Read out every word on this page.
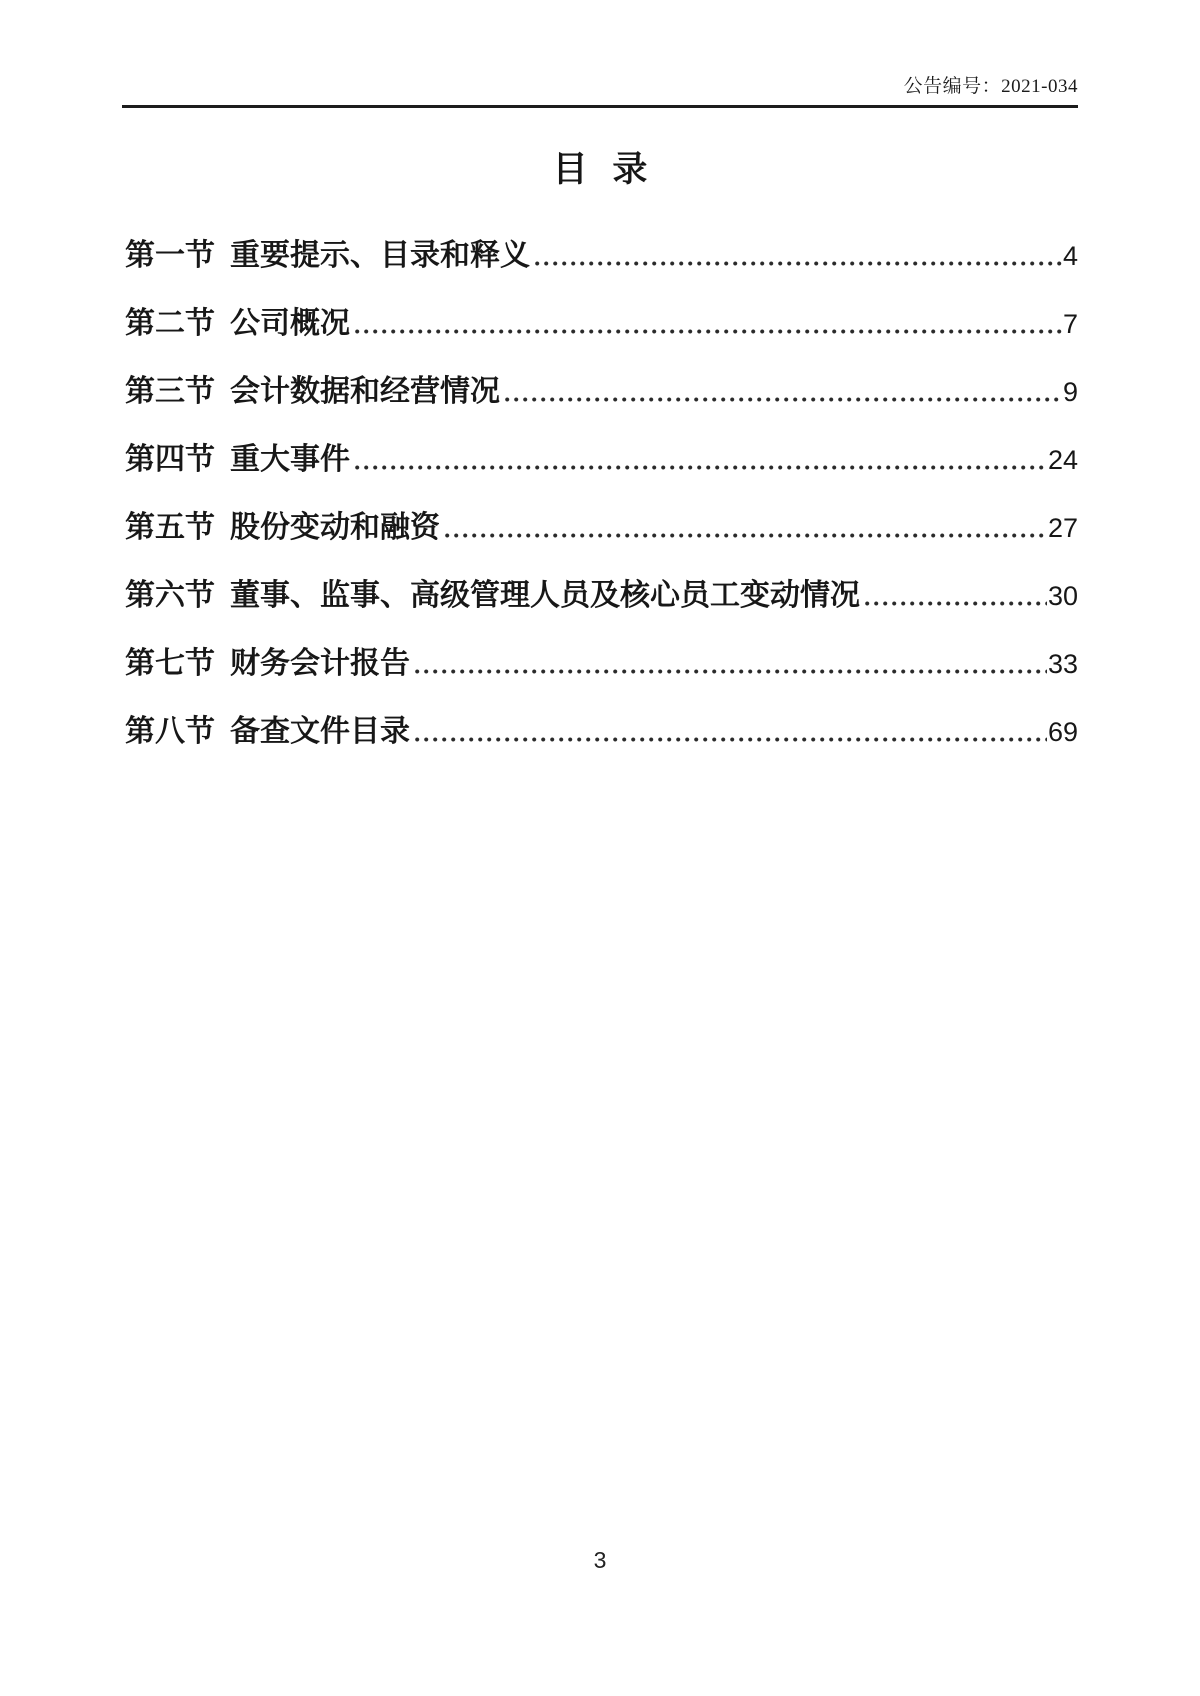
公告编号：2021-034
目 录
第一节 重要提示、目录和释义	4
第二节 公司概况	7
第三节 会计数据和经营情况	9
第四节 重大事件	24
第五节 股份变动和融资	27
第六节 董事、监事、高级管理人员及核心员工变动情况	30
第七节 财务会计报告	33
第八节 备查文件目录	69
3
